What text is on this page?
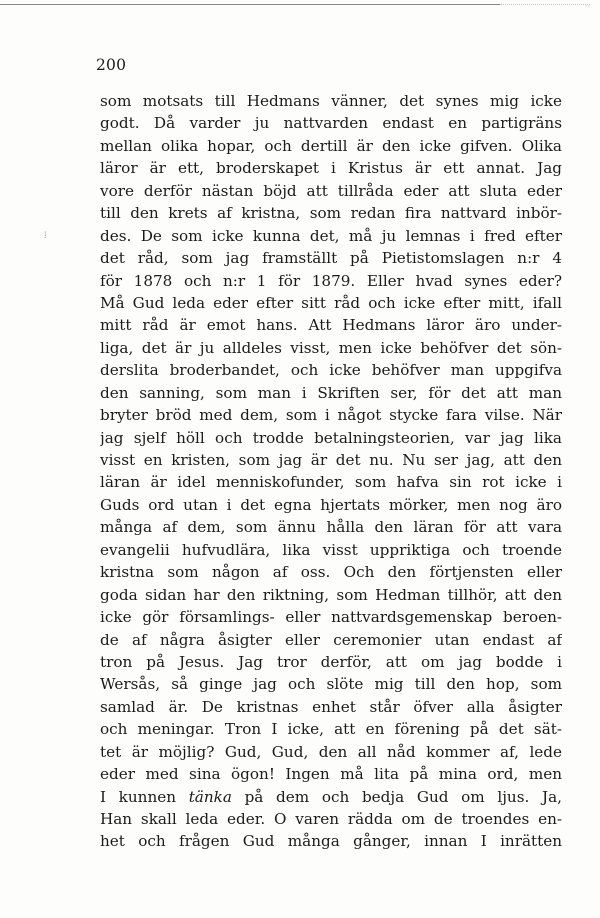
··
200
⁞
som motsats till Hedmans vänner, det synes mig icke
godt. Då varder ju nattvarden endast en partigräns
mellan olika hopar, och dertill är den icke gifven. Olika
läror är ett, broderskapet i Kristus är ett annat. Jag
vore derför nästan böjd att tillråda eder att sluta eder
till den krets af kristna, som redan fira nattvard inbör-
des. De som icke kunna det, må ju lemnas i fred efter
det råd, som jag framställt på Pietistomslagen n:r 4
för 1878 och n:r 1 för 1879. Eller hvad synes eder?
Må Gud leda eder efter sitt råd och icke efter mitt, ifall
mitt råd är emot hans. Att Hedmans läror äro under-
liga, det är ju alldeles visst, men icke behöfver det sön-
derslita broderbandet, och icke behöfver man uppgifva
den sanning, som man i Skriften ser, för det att man
bryter bröd med dem, som i något stycke fara vilse. När
jag sjelf höll och trodde betalningsteorien, var jag lika
visst en kristen, som jag är det nu. Nu ser jag, att den
läran är idel menniskofunder, som hafva sin rot icke i
Guds ord utan i det egna hjertats mörker, men nog äro
många af dem, som ännu hålla den läran för att vara
evangelii hufvudlära, lika visst uppriktiga och troende
kristna som någon af oss. Och den förtjensten eller
goda sidan har den riktning, som Hedman tillhör, att den
icke gör församlings- eller nattvardsgemenskap beroen-
de af några åsigter eller ceremonier utan endast af
tron på Jesus. Jag tror derför, att om jag bodde i
Wersås, så ginge jag och slöte mig till den hop, som
samlad är. De kristnas enhet står öfver alla åsigter
och meningar. Tron I icke, att en förening på det sät-
tet är möjlig? Gud, Gud, den all nåd kommer af, lede
eder med sina ögon! Ingen må lita på mina ord, men
I kunnen tänka på dem och bedja Gud om ljus. Ja,
Han skall leda eder. O varen rädda om de troendes en-
het och frågen Gud många gånger, innan I inrätten
